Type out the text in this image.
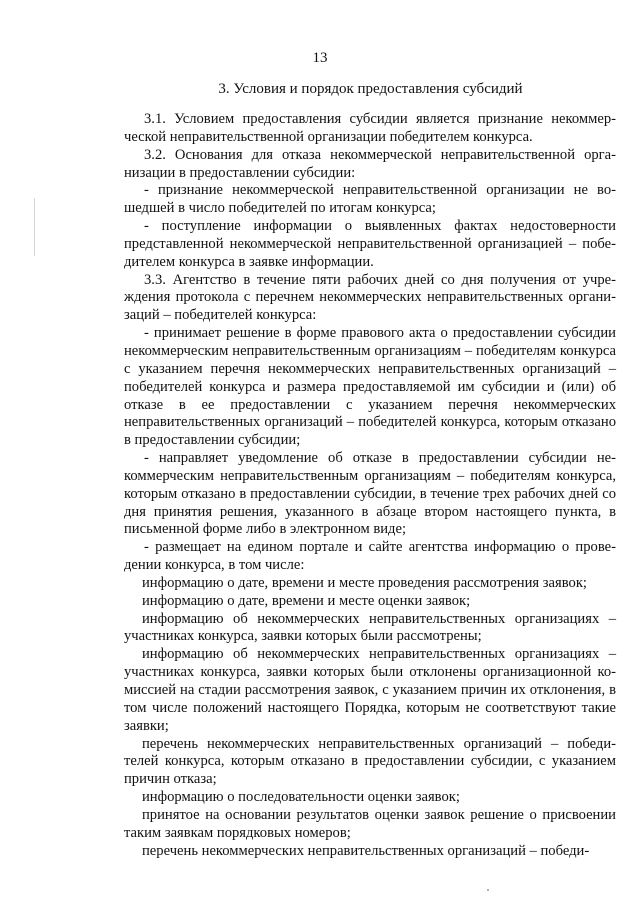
13
3. Условия и порядок предоставления субсидий

3.1. Условием предоставления субсидии является признание некоммерческой неправительственной организации победителем конкурса.

3.2. Основания для отказа некоммерческой неправительственной организации в предоставлении субсидии:

- признание некоммерческой неправительственной организации не вошедшей в число победителей по итогам конкурса;

- поступление информации о выявленных фактах недостоверности представленной некоммерческой неправительственной организацией – победителем конкурса в заявке информации.

3.3. Агентство в течение пяти рабочих дней со дня получения от учреждения протокола с перечнем некоммерческих неправительственных организаций – победителей конкурса:

- принимает решение в форме правового акта о предоставлении субсидии некоммерческим неправительственным организациям – победителям конкурса с указанием перечня некоммерческих неправительственных организаций – победителей конкурса и размера предоставляемой им субсидии и (или) об отказе в ее предоставлении с указанием перечня некоммерческих неправительственных организаций – победителей конкурса, которым отказано в предоставлении субсидии;

- направляет уведомление об отказе в предоставлении субсидии некоммерческим неправительственным организациям – победителям конкурса, которым отказано в предоставлении субсидии, в течение трех рабочих дней со дня принятия решения, указанного в абзаце втором настоящего пункта, в письменной форме либо в электронном виде;

- размещает на едином портале и сайте агентства информацию о проведении конкурса, в том числе:

информацию о дате, времени и месте проведения рассмотрения заявок;

информацию о дате, времени и месте оценки заявок;

информацию об некоммерческих неправительственных организациях – участниках конкурса, заявки которых были рассмотрены;

информацию об некоммерческих неправительственных организациях – участниках конкурса, заявки которых были отклонены организационной комиссией на стадии рассмотрения заявок, с указанием причин их отклонения, в том числе положений настоящего Порядка, которым не соответствуют такие заявки;

перечень некоммерческих неправительственных организаций – победителей конкурса, которым отказано в предоставлении субсидии, с указанием причин отказа;

информацию о последовательности оценки заявок;

принятое на основании результатов оценки заявок решение о присвоении таким заявкам порядковых номеров;

перечень некоммерческих неправительственных организаций – победи-
